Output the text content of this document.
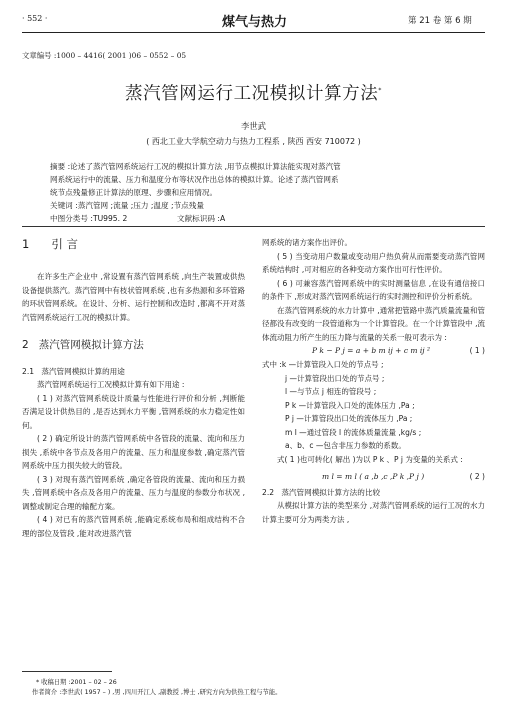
· 552 ·	煤气与热力	第 21 卷 第 6 期
文章编号 :1000 – 4416( 2001 )06 – 0552 – 05
蒸汽管网运行工况模拟计算方法*
李世武
( 西北工业大学航空动力与热力工程系 , 陕西 西安 710072 )
摘要 :论述了蒸汽管网系统运行工况的模拟计算方法 ,用节点模拟计算法能实现对蒸汽管
网系统运行中的流量、压力和温度分布等状况作出总体的模拟计算。论述了蒸汽管网系
统节点残量修正计算法的原理、步骤和应用情况。
关键词 :蒸汽管网 ;流量 ;压力 ;温度 ;节点残量
中图分类号 :TU995. 2	文献标识码 :A
1 引 言

在许多生产企业中 ,常设置有蒸汽管网系统 ,向生产装置或供热设备提供蒸汽。蒸汽管网中有枝状管网系统 ,也有多热源和多环管路的环状管网系统。在设计、分析、运行控制和改造时 ,都离不开对蒸汽管网系统运行工况的模拟计算。

2 蒸汽管网模拟计算方法
2.1 蒸汽管网模拟计算的用途

蒸汽管网系统运行工况模拟计算有如下用途 :

( 1 ) 对蒸汽管网系统设计质量与性能进行评价和分析 ,判断能否满足设计供热目的 ,是否达到水力平衡 ,管网系统的水力稳定性如何。

( 2 ) 确定所设计的蒸汽管网系统中各管段的流量、流向和压力损失 ,系统中各节点及各用户的流量、压力和温度参数 ,确定蒸汽管网系统中压力损失较大的管段。

( 3 ) 对现有蒸汽管网系统 ,确定各管段的流量、流向和压力损失 ,管网系统中各点及各用户的流量、压力与温度的参数分布状况 ,调整或制定合理的输配方案。

( 4 ) 对已有的蒸汽管网系统 ,能确定系统布局和组成结构不合理的部位及管段 ,能对改进蒸汽管

网系统的诸方案作出评价。

( 5 ) 当变动用户数量或变动用户热负荷从而需要变动蒸汽管网系统结构时 ,可对相应的各种变动方案作出可行性评价。

( 6 ) 可兼容蒸汽管网系统中的实时测量信息 ,在设有通信接口的条件下 ,形成对蒸汽管网系统运行的实时测控和评价分析系统。

在蒸汽管网系统的水力计算中 ,通常把管路中蒸汽质量流量和管径都没有改变的一段管道称为一个计算管段。在一个计算管段中 ,流体流动阻力所产生的压力降与流量的关系一般可表示为 :

P k − P j = a + b m ij + c m ij ²	( 1 )

式中 :k —计算管段入口处的节点号 ;

j —计算管段出口处的节点号 ;

l —与节点 j 相连的管段号 ;

P k —计算管段入口处的流体压力 ,Pa ;

P j —计算管段出口处的流体压力 ,Pa ;

m l —通过管段 l 的流体质量流量 ,kg/s ;

a、b、c —包含非压力参数的系数。

式( 1 )也可转化( 解出 )为以 P k 、P j 为变量的关系式 :

m l = m l ( a ,b ,c ,P k ,P j )	( 2 )
2.2 蒸汽管网模拟计算方法的比较

从模拟计算方法的类型来分 ,对蒸汽管网系统的运行工况的水力计算主要可分为两类方法 ,

* 收稿日期 :2001 – 02 – 26
作者简介 :李世武( 1957 – ) ,男 ,四川开江人 ,副教授 ,博士 ,研究方向为供热工程与节能。
